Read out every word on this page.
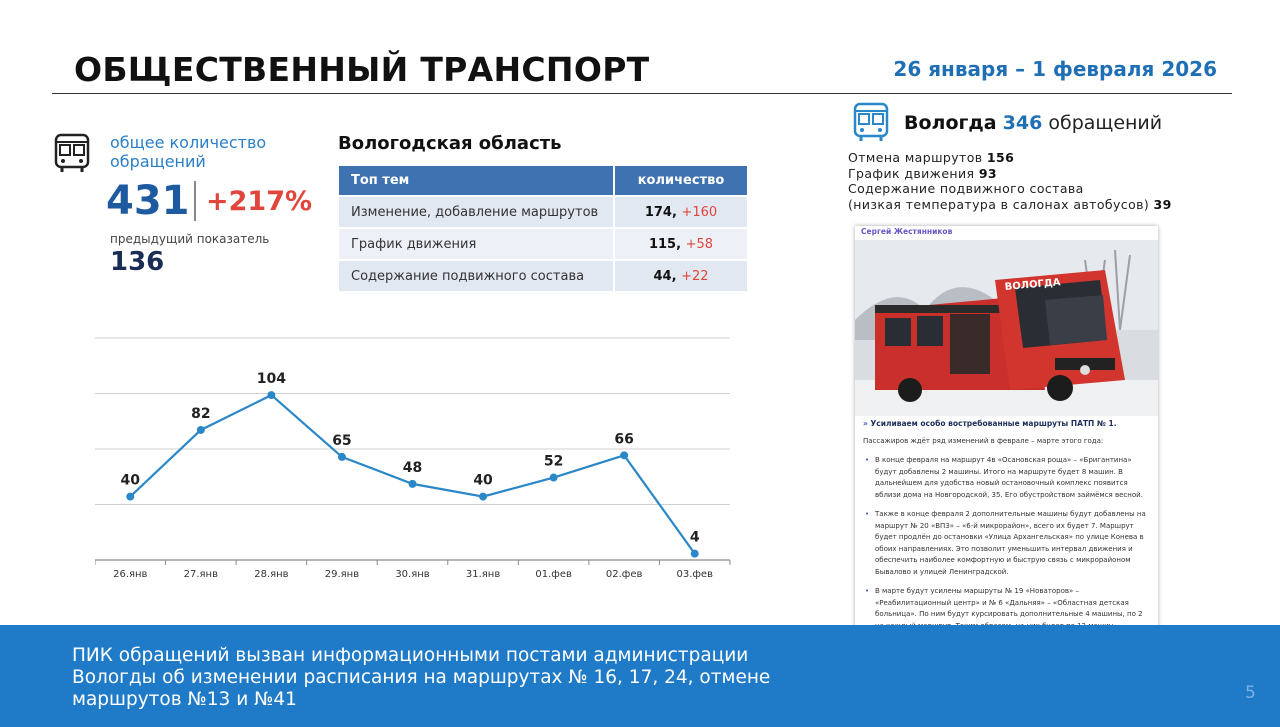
ОБЩЕСТВЕННЫЙ ТРАНСПОРТ	26 января – 1 февраля 2026
общее количество обращений
431 +217%
предыдущий показатель
136
Вологодская область
Топ тем	количество
Изменение, добавление маршрутов	174, +160
График движения	115, +58
Содержание подвижного состава	44, +22
40
82
104
65
48
40
52
66
4
26.янв	27.янв	28.янв	29.янв	30.янв	31.янв	01.фев	02.фев	03.фев
Вологда 346 обращений
Отмена маршрутов 156
График движения 93
Содержание подвижного состава
(низкая температура в салонах автобусов) 39
Сергей Жестянников
ВОЛОГДА
» Усиливаем особо востребованные маршруты ПАТП № 1.

Пассажиров ждёт ряд изменений в феврале – марте этого года:

• В конце февраля на маршрут 4в «Осановская роща» – «Бригантина» будут добавлены 2 машины. Итого на маршруте будет 8 машин. В дальнейшем для удобства новый остановочный комплекс появится вблизи дома на Новгородской, 35. Его обустройством займёмся весной.

• Также в конце февраля 2 дополнительные машины будут добавлены на маршрут № 20 «ВПЗ» – «6-й микрорайон», всего их будет 7. Маршрут будет продлён до остановки «Улица Архангельская» по улице Конева в обоих направлениях. Это позволит уменьшить интервал движения и обеспечить наиболее комфортную и быструю связь с микрорайоном Бывалово и улицей Ленинградской.

• В марте будут усилены маршруты № 19 «Новаторов» – «Реабилитационный центр» и № 6 «Дальняя» – «Областная детская больница». По ним будут курсировать дополнительные 4 машины, по 2

ПИК обращений вызван информационными постами администрации Вологды об изменении расписания на маршрутах № 16, 17, 24, отмене маршрутов №13 и №41	5
